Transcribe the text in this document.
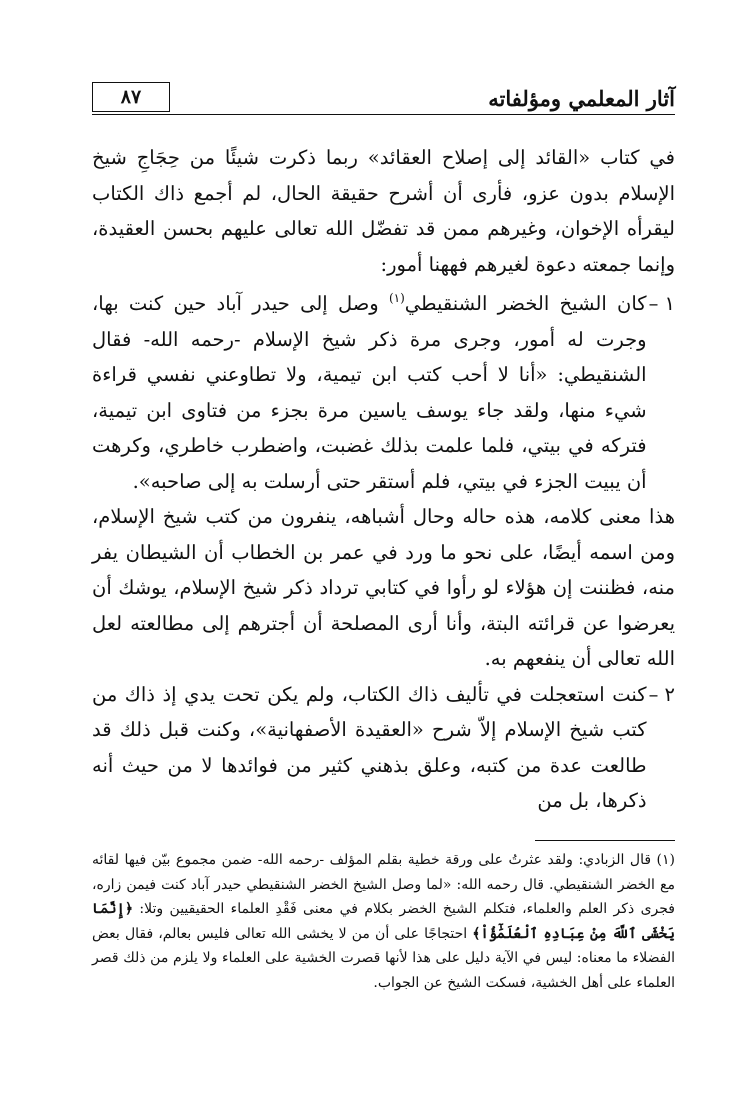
آثار المعلمي ومؤلفاته
٨٧

في كتاب «القائد إلى إصلاح العقائد» ربما ذكرت شيئًا من حِجَاجِ شيخ الإسلام بدون عزو، فأرى أن أشرح حقيقة الحال، لم أجمع ذاك الكتاب ليقرأه الإخوان، وغيرهم ممن قد تفضّل الله تعالى عليهم بحسن العقيدة، وإنما جمعته دعوة لغيرهم فههنا أمور:

١ –
كان الشيخ الخضر الشنقيطي$^{(١)}$ وصل إلى حيدر آباد حين كنت بها، وجرت له أمور، وجرى مرة ذكر شيخ الإسلام -رحمه الله- فقال الشنقيطي: «أنا لا أحب كتب ابن تيمية، ولا تطاوعني نفسي قراءة شيء منها، ولقد جاء يوسف ياسين مرة بجزء من فتاوى ابن تيمية، فتركه في بيتي، فلما علمت بذلك غضبت، واضطرب خاطري، وكرهت أن يبيت الجزء في بيتي، فلم أستقر حتى أرسلت به إلى صاحبه».

هذا معنى كلامه، هذه حاله وحال أشباهه، ينفرون من كتب شيخ الإسلام، ومن اسمه أيضًا، على نحو ما ورد في عمر بن الخطاب أن الشيطان يفر منه، فظننت إن هؤلاء لو رأوا في كتابي ترداد ذكر شيخ الإسلام، يوشك أن يعرضوا عن قرائته البتة، وأنا أرى المصلحة أن أجترهم إلى مطالعته لعل الله تعالى أن ينفعهم به.

٢ –
كنت استعجلت في تأليف ذاك الكتاب، ولم يكن تحت يدي إذ ذاك من كتب شيخ الإسلام إلاّ شرح «العقيدة الأصفهانية»، وكنت قبل ذلك قد طالعت عدة من كتبه، وعلق بذهني كثير من فوائدها لا من حيث أنه ذكرها، بل من

(١) قال الزبادي: ولقد عثرتُ على ورقة خطية بقلم المؤلف -رحمه الله- ضمن مجموع بيّن فيها لقائه مع الخضر الشنقيطي. قال رحمه الله: «لما وصل الشيخ الخضر الشنقيطي حيدر آباد كنت فيمن زاره، فجرى ذكر العلم والعلماء، فتكلم الشيخ الخضر بكلام في معنى فَقْدِ العلماء الحقيقيين وتلا: ﴿إِنَّمَا يَخْشَى ٱللَّهَ مِنْ عِبَادِهِ ٱلْعُلَمَٰٓؤُاْ﴾ احتجاجًا على أن من لا يخشى الله تعالى فليس بعالم، فقال بعض الفضلاء ما معناه: ليس في الآية دليل على هذا لأنها قصرت الخشية على العلماء ولا يلزم من ذلك قصر العلماء على أهل الخشية، فسكت الشيخ عن الجواب.
